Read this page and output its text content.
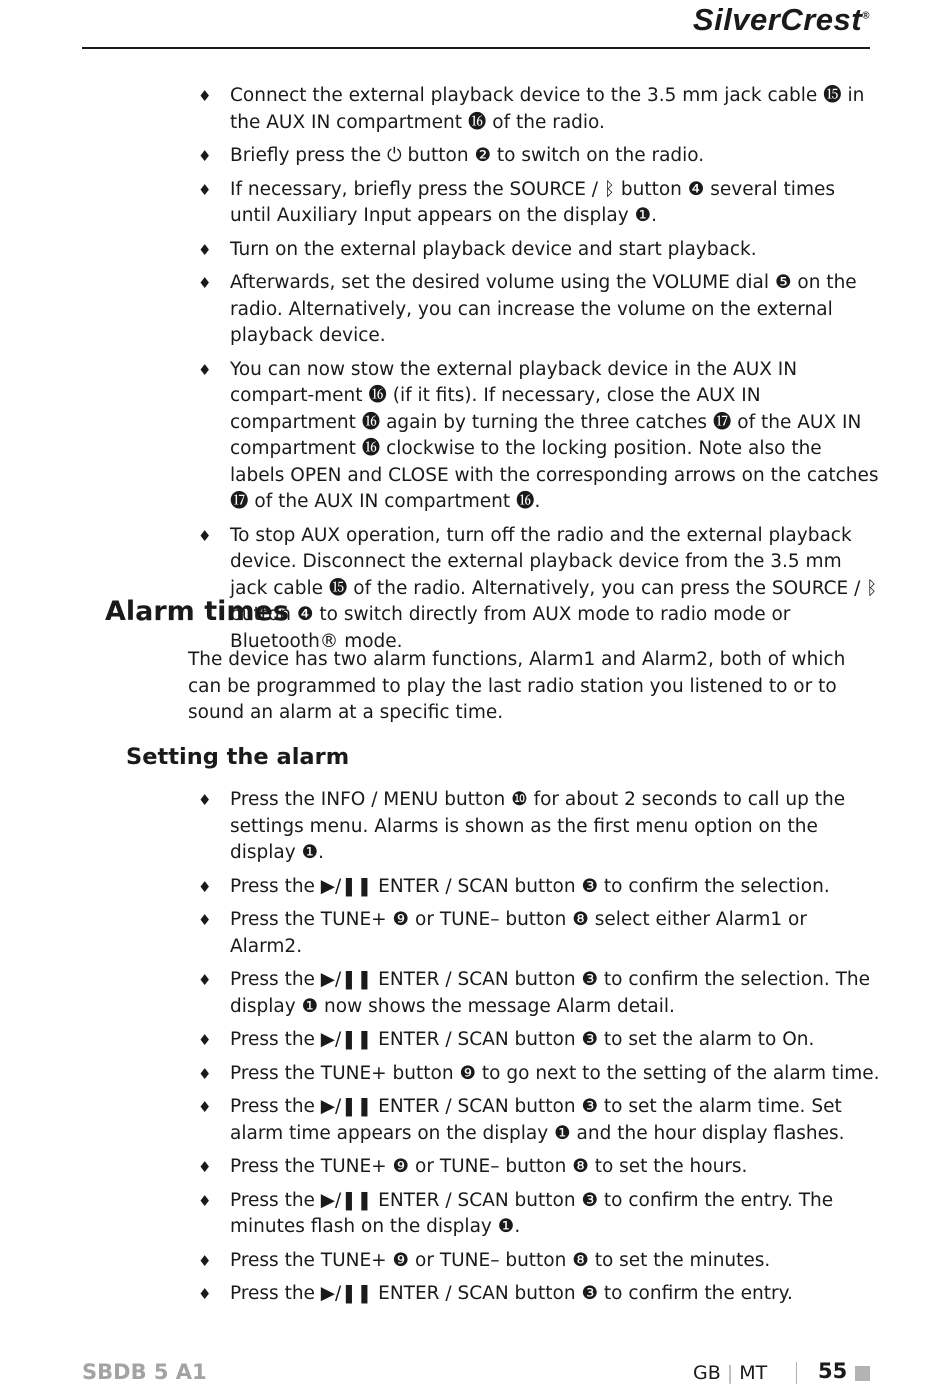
SilverCrest®
♦ Connect the external playback device to the 3.5 mm jack cable ⓯ in the AUX IN compartment ⓰ of the radio.
♦ Briefly press the ⏻ button ❷ to switch on the radio.
♦ If necessary, briefly press the SOURCE / ᛒ button ❹ several times until Auxiliary Input appears on the display ❶.
♦ Turn on the external playback device and start playback.
♦ Afterwards, set the desired volume using the VOLUME dial ❺ on the radio. Alternatively, you can increase the volume on the external playback device.
♦ You can now stow the external playback device in the AUX IN compart-ment ⓰ (if it fits). If necessary, close the AUX IN compartment ⓰ again by turning the three catches ⓱ of the AUX IN compartment ⓰ clockwise to the locking position. Note also the labels OPEN and CLOSE with the corresponding arrows on the catches ⓱ of the AUX IN compartment ⓰.
♦ To stop AUX operation, turn off the radio and the external playback device. Disconnect the external playback device from the 3.5 mm jack cable ⓯ of the radio. Alternatively, you can press the SOURCE / ᛒ button ❹ to switch directly from AUX mode to radio mode or Bluetooth® mode.
Alarm times

The device has two alarm functions, Alarm1 and Alarm2, both of which can be programmed to play the last radio station you listened to or to sound an alarm at a specific time.

Setting the alarm
♦ Press the INFO / MENU button ❿ for about 2 seconds to call up the settings menu. Alarms is shown as the first menu option on the display ❶.
♦ Press the ▶/❚❚ ENTER / SCAN button ❸ to confirm the selection.
♦ Press the TUNE+ ❾ or TUNE– button ❽ select either Alarm1 or Alarm2.
♦ Press the ▶/❚❚ ENTER / SCAN button ❸ to confirm the selection. The display ❶ now shows the message Alarm detail.
♦ Press the ▶/❚❚ ENTER / SCAN button ❸ to set the alarm to On.
♦ Press the TUNE+ button ❾ to go next to the setting of the alarm time.
♦ Press the ▶/❚❚ ENTER / SCAN button ❸ to set the alarm time. Set alarm time appears on the display ❶ and the hour display flashes.
♦ Press the TUNE+ ❾ or TUNE– button ❽ to set the hours.
♦ Press the ▶/❚❚ ENTER / SCAN button ❸ to confirm the entry. The minutes flash on the display ❶.
♦ Press the TUNE+ ❾ or TUNE– button ❽ to set the minutes.
♦ Press the ▶/❚❚ ENTER / SCAN button ❸ to confirm the entry.
SBDB 5 A1	GB | MT 55
